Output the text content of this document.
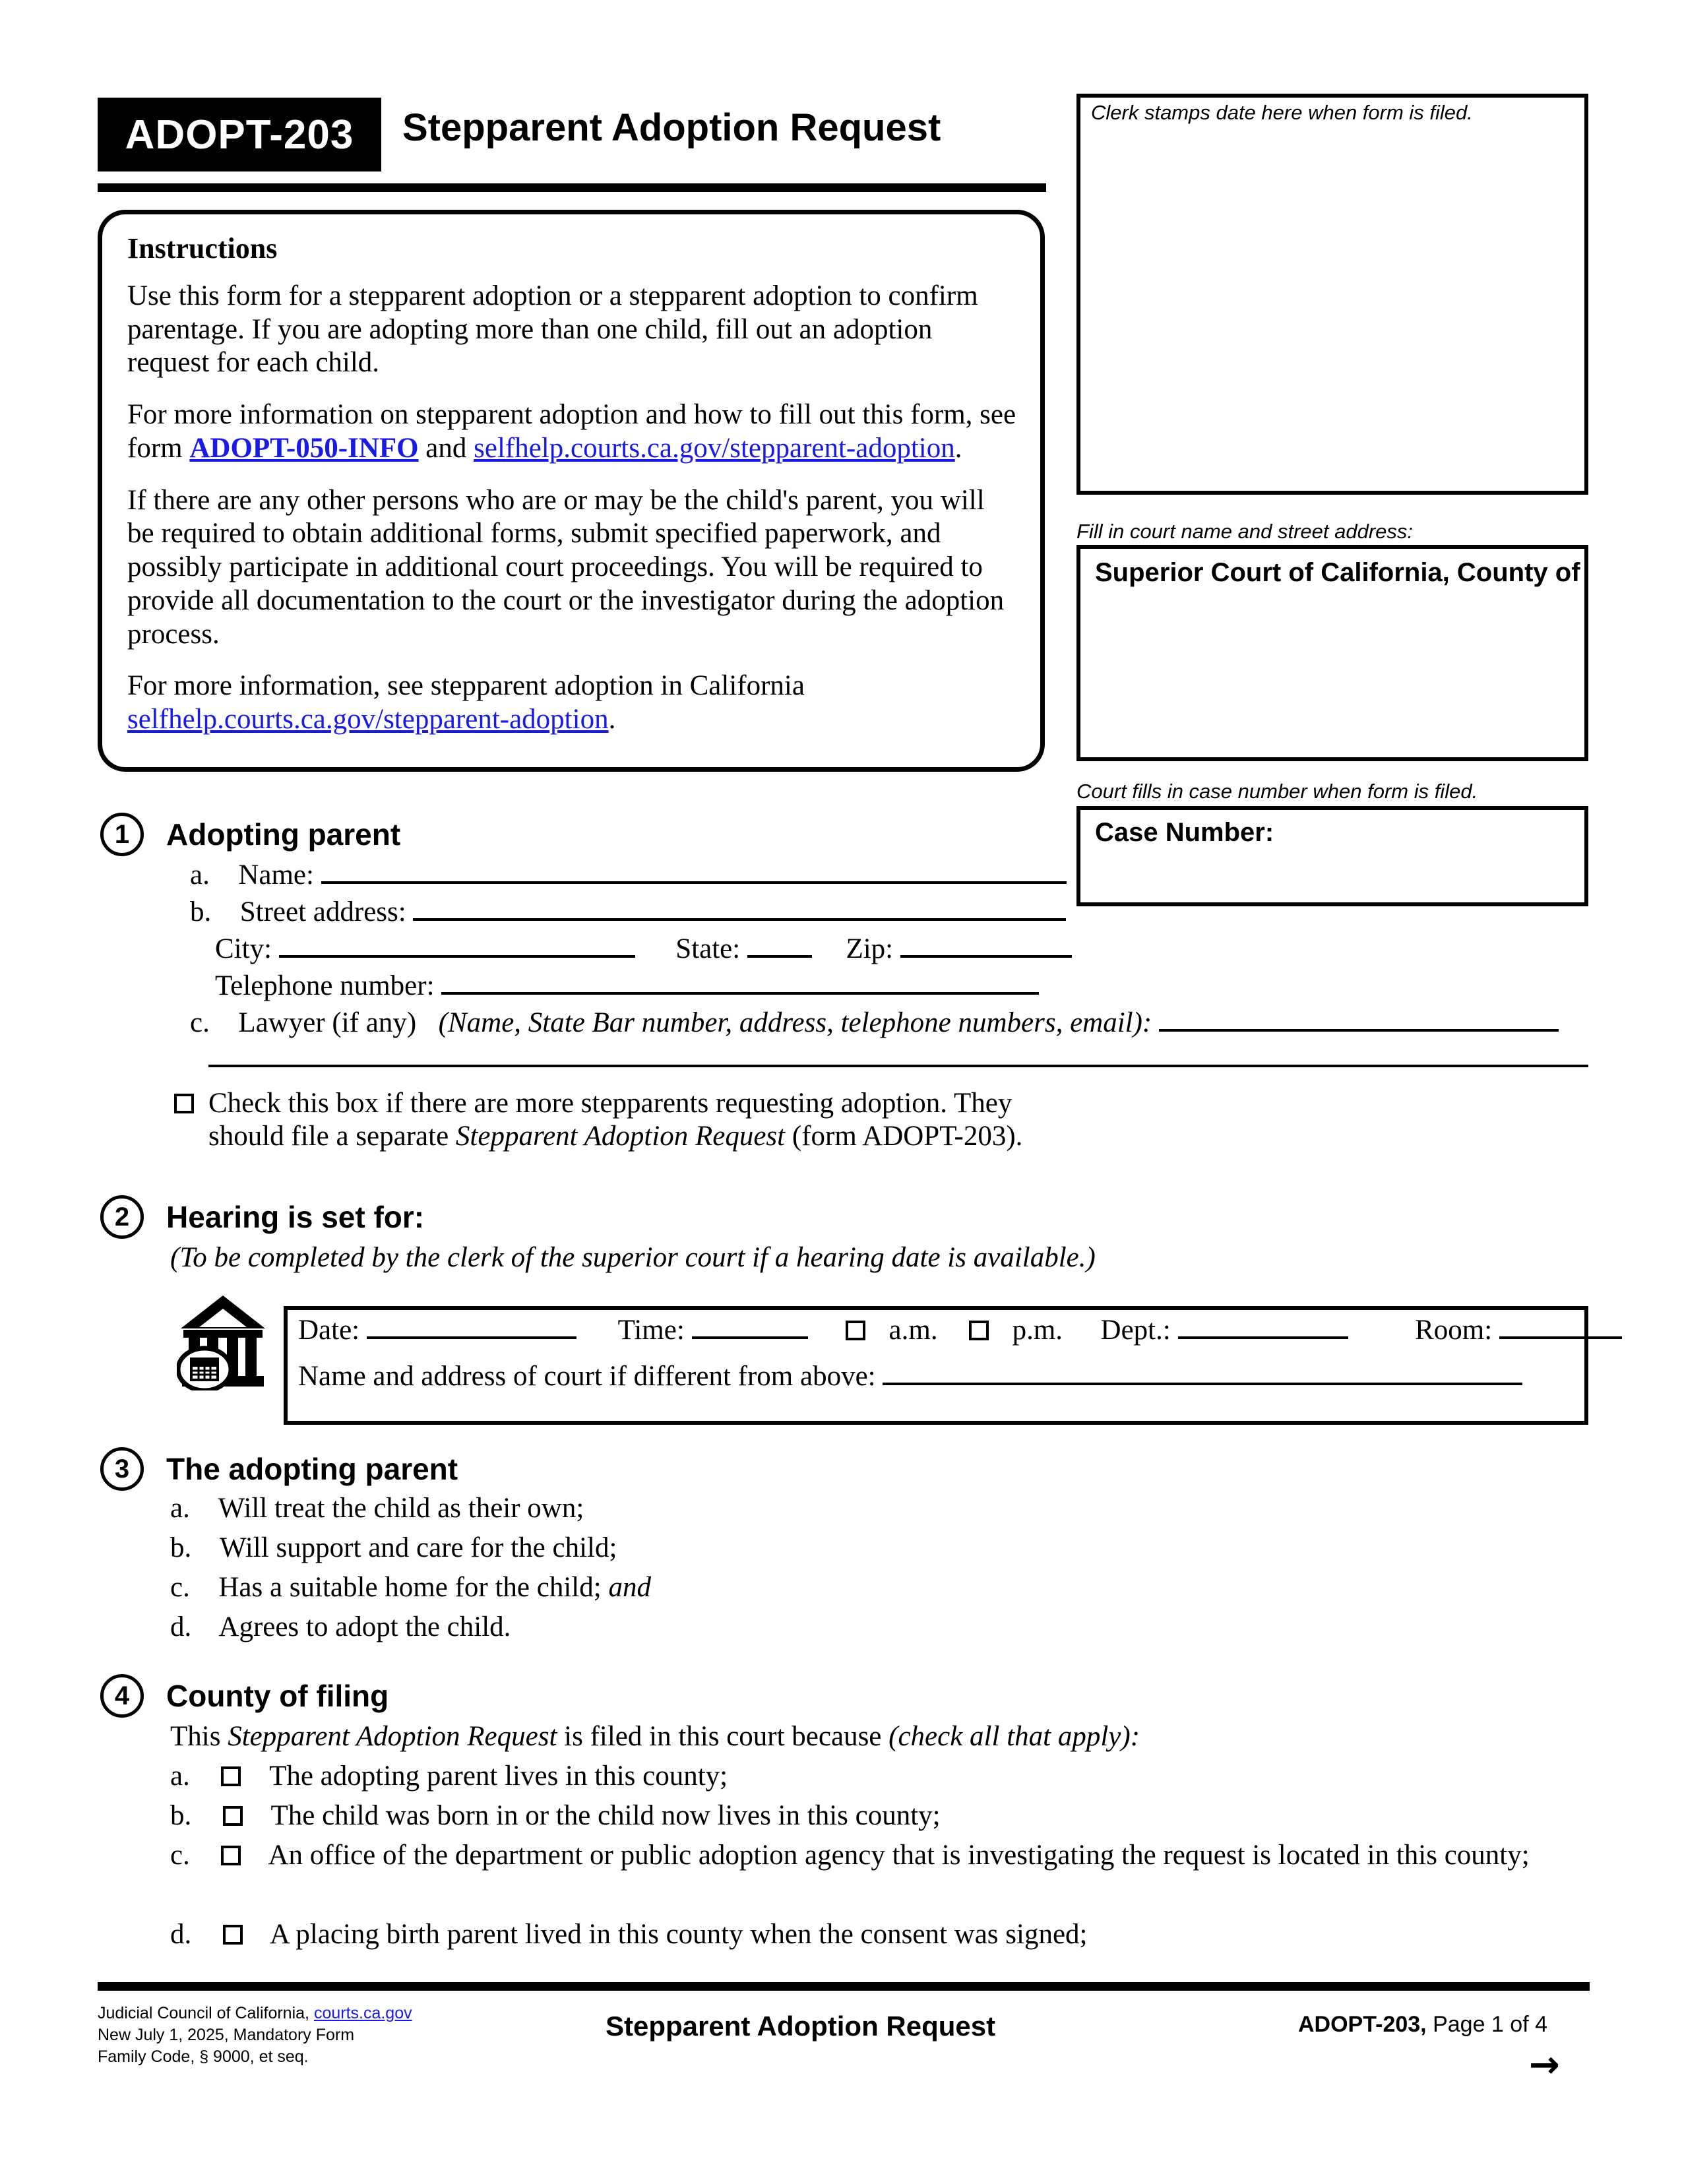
ADOPT-203 Stepparent Adoption Request
Instructions

Use this form for a stepparent adoption or a stepparent adoption to confirm parentage. If you are adopting more than one child, fill out an adoption request for each child.

For more information on stepparent adoption and how to fill out this form, see form ADOPT-050-INFO and selfhelp.courts.ca.gov/stepparent-adoption.

If there are any other persons who are or may be the child's parent, you will be required to obtain additional forms, submit specified paperwork, and possibly participate in additional court proceedings. You will be required to provide all documentation to the court or the investigator during the adoption process.

For more information, see stepparent adoption in California selfhelp.courts.ca.gov/stepparent-adoption.

Clerk stamps date here when form is filed.
Fill in court name and street address:
Superior Court of California, County of
Court fills in case number when form is filed.
Case Number:
1 Adopting parent
a. Name:
b. Street address:
City:	State:	Zip:
Telephone number:
c. Lawyer (if any) (Name, State Bar number, address, telephone numbers, email):
Check this box if there are more stepparents requesting adoption. They should file a separate Stepparent Adoption Request (form ADOPT-203).
2 Hearing is set for:
(To be completed by the clerk of the superior court if a hearing date is available.)
Date:	Time:	a.m.	p.m. Dept.:	Room:
Name and address of court if different from above:
3 The adopting parent
a. Will treat the child as their own;
b. Will support and care for the child;
c. Has a suitable home for the child; and
d. Agrees to adopt the child.
4 County of filing
This Stepparent Adoption Request is filed in this court because (check all that apply):
a.	The adopting parent lives in this county;
b.	The child was born in or the child now lives in this county;
c.	An office of the department or public adoption agency that is investigating the request is located in this county;
d.	A placing birth parent lived in this county when the consent was signed;
Judicial Council of California, courts.ca.gov
New July 1, 2025, Mandatory Form
Family Code, § 9000, et seq.
Stepparent Adoption Request	ADOPT-203, Page 1 of 4
→
